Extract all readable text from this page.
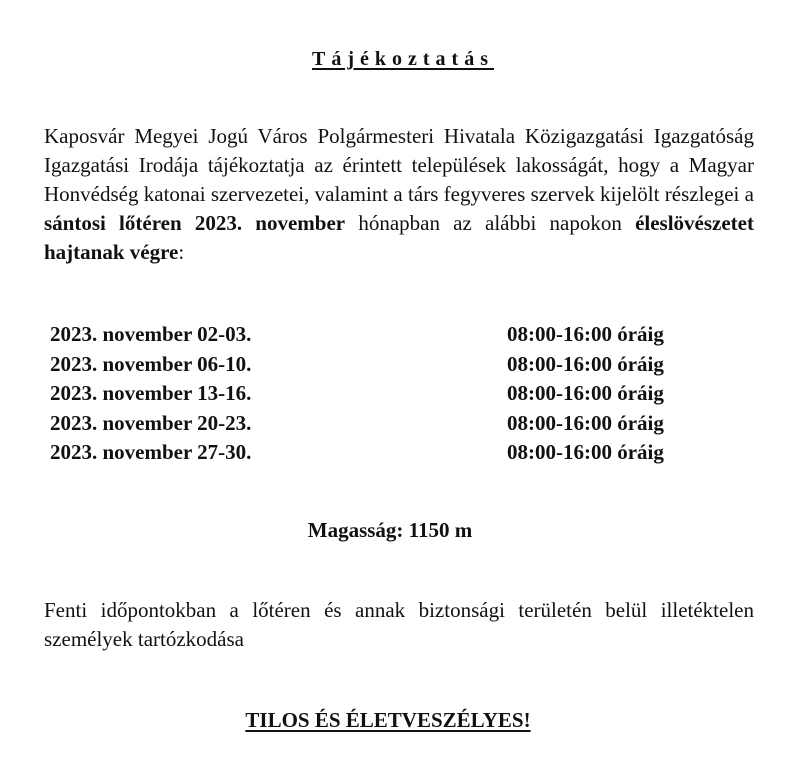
Tájékoztatás

Kaposvár Megyei Jogú Város Polgármesteri Hivatala Közigazgatási Igazgatóság Igazgatási Irodája tájékoztatja az érintett települések lakosságát, hogy a Magyar Honvédség katonai szervezetei, valamint a társ fegyveres szervek kijelölt részlegei a sántosi lőtéren 2023. november hónapban az alábbi napokon éleslövészetet hajtanak végre:

2023. november 02-03.	08:00-16:00 óráig
2023. november 06-10.	08:00-16:00 óráig
2023. november 13-16.	08:00-16:00 óráig
2023. november 20-23.	08:00-16:00 óráig
2023. november 27-30.	08:00-16:00 óráig
Magasság: 1150 m

Fenti időpontokban a lőtéren és annak biztonsági területén belül illetéktelen személyek tartózkodása

TILOS ÉS ÉLETVESZÉLYES!
